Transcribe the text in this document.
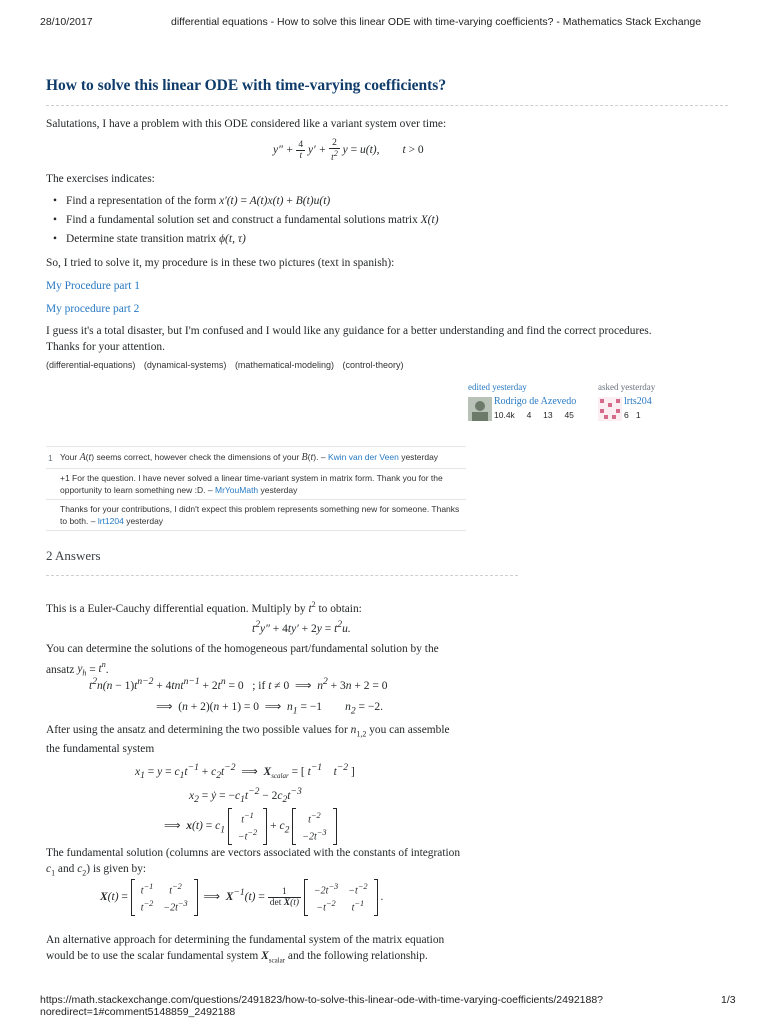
28/10/2017	differential equations - How to solve this linear ODE with time-varying coefficients? - Mathematics Stack Exchange
How to solve this linear ODE with time-varying coefficients?
Salutations, I have a problem with this ODE considered like a variant system over time:
$y'' + \frac{4}{t} y' + \frac{2}{t^2}$ y = u(t),        t > 0
The exercises indicates:
• Find a representation of the form x′(t) = A(t)x(t) + B(t)u(t)
• Find a fundamental solution set and construct a fundamental solutions matrix X(t)
• Determine state transition matrix ϕ(t, τ)
So, I tried to solve it, my procedure is in these two pictures (text in spanish):
My Procedure part 1
My procedure part 2
I guess it's a total disaster, but I'm confused and I would like any guidance for a better understanding and find the correct procedures. Thanks for your attention.
(differential-equations) (dynamical-systems) (mathematical-modeling) (control-theory)
edited yesterday
Rodrigo de Azevedo
10.4k 4 13 45
asked yesterday
lrts204
6 1
1 Your A(t) seems correct, however check the dimensions of your B(t). – Kwin van der Veen yesterday
+1 For the question. I have never solved a linear time-variant system in matrix form. Thank you for the opportunity to learn something new :D. – MrYouMath yesterday
Thanks for your contributions, I didn't expect this problem represents something new for someone. Thanks to both. – lrt1204 yesterday
2 Answers
This is a Euler-Cauchy differential equation. Multiply by $t^2$ to obtain:
$t^2y'' + 4ty' + 2y = t^2u$.
You can determine the solutions of the homogeneous part/fundamental solution by the ansatz $y_h = t^n$.
$t^2n(n - 1)t^{n-2} + 4tnt^{n-1} + 2t^n = 0$   ; if t ≠ 0  ⟹  $n^2 + 3n + 2 = 0$
⟹  (n + 2)(n + 1) = 0  ⟹  $n_1 = -1$        $n_2 = -2$.
After using the ansatz and determining the two possible values for $n_{1,2}$ you can assemble the fundamental system
$x_1 = y = c_1t^{-1} + c_2t^{-2}$  ⟹  $X_{scalar}$ = [ $t^{-1}$    $t^{-2}$ ]
$x_2$ = ẏ = $-c_1t^{-2} - 2c_2t^{-3}$
⟹  $x(t) = c_1$
$t^{-1}$
$-t^{-2}$
+ $c_2$
$t^{-2}$
$-2t^{-3}$
The fundamental solution (columns are vectors associated with the constants of integration $c_1$ and $c_2$) is given by:
X(t) =
$t^{-1}$	$t^{-2}$
$t^{-2}$	$-2t^{-3}$
⟹  $X^{-1}(t) = \frac{1}{\text{det X(t)}}$
$-2t^{-3}$	$-t^{-2}$
$-t^{-2}$	$t^{-1}$
.
An alternative approach for determining the fundamental system of the matrix equation would be to use the scalar fundamental system $X_{scalar}$ and the following relationship.
https://math.stackexchange.com/questions/2491823/how-to-solve-this-linear-ode-with-time-varying-coefficients/2492188?noredirect=1#comment5148859_2492188
1/3
